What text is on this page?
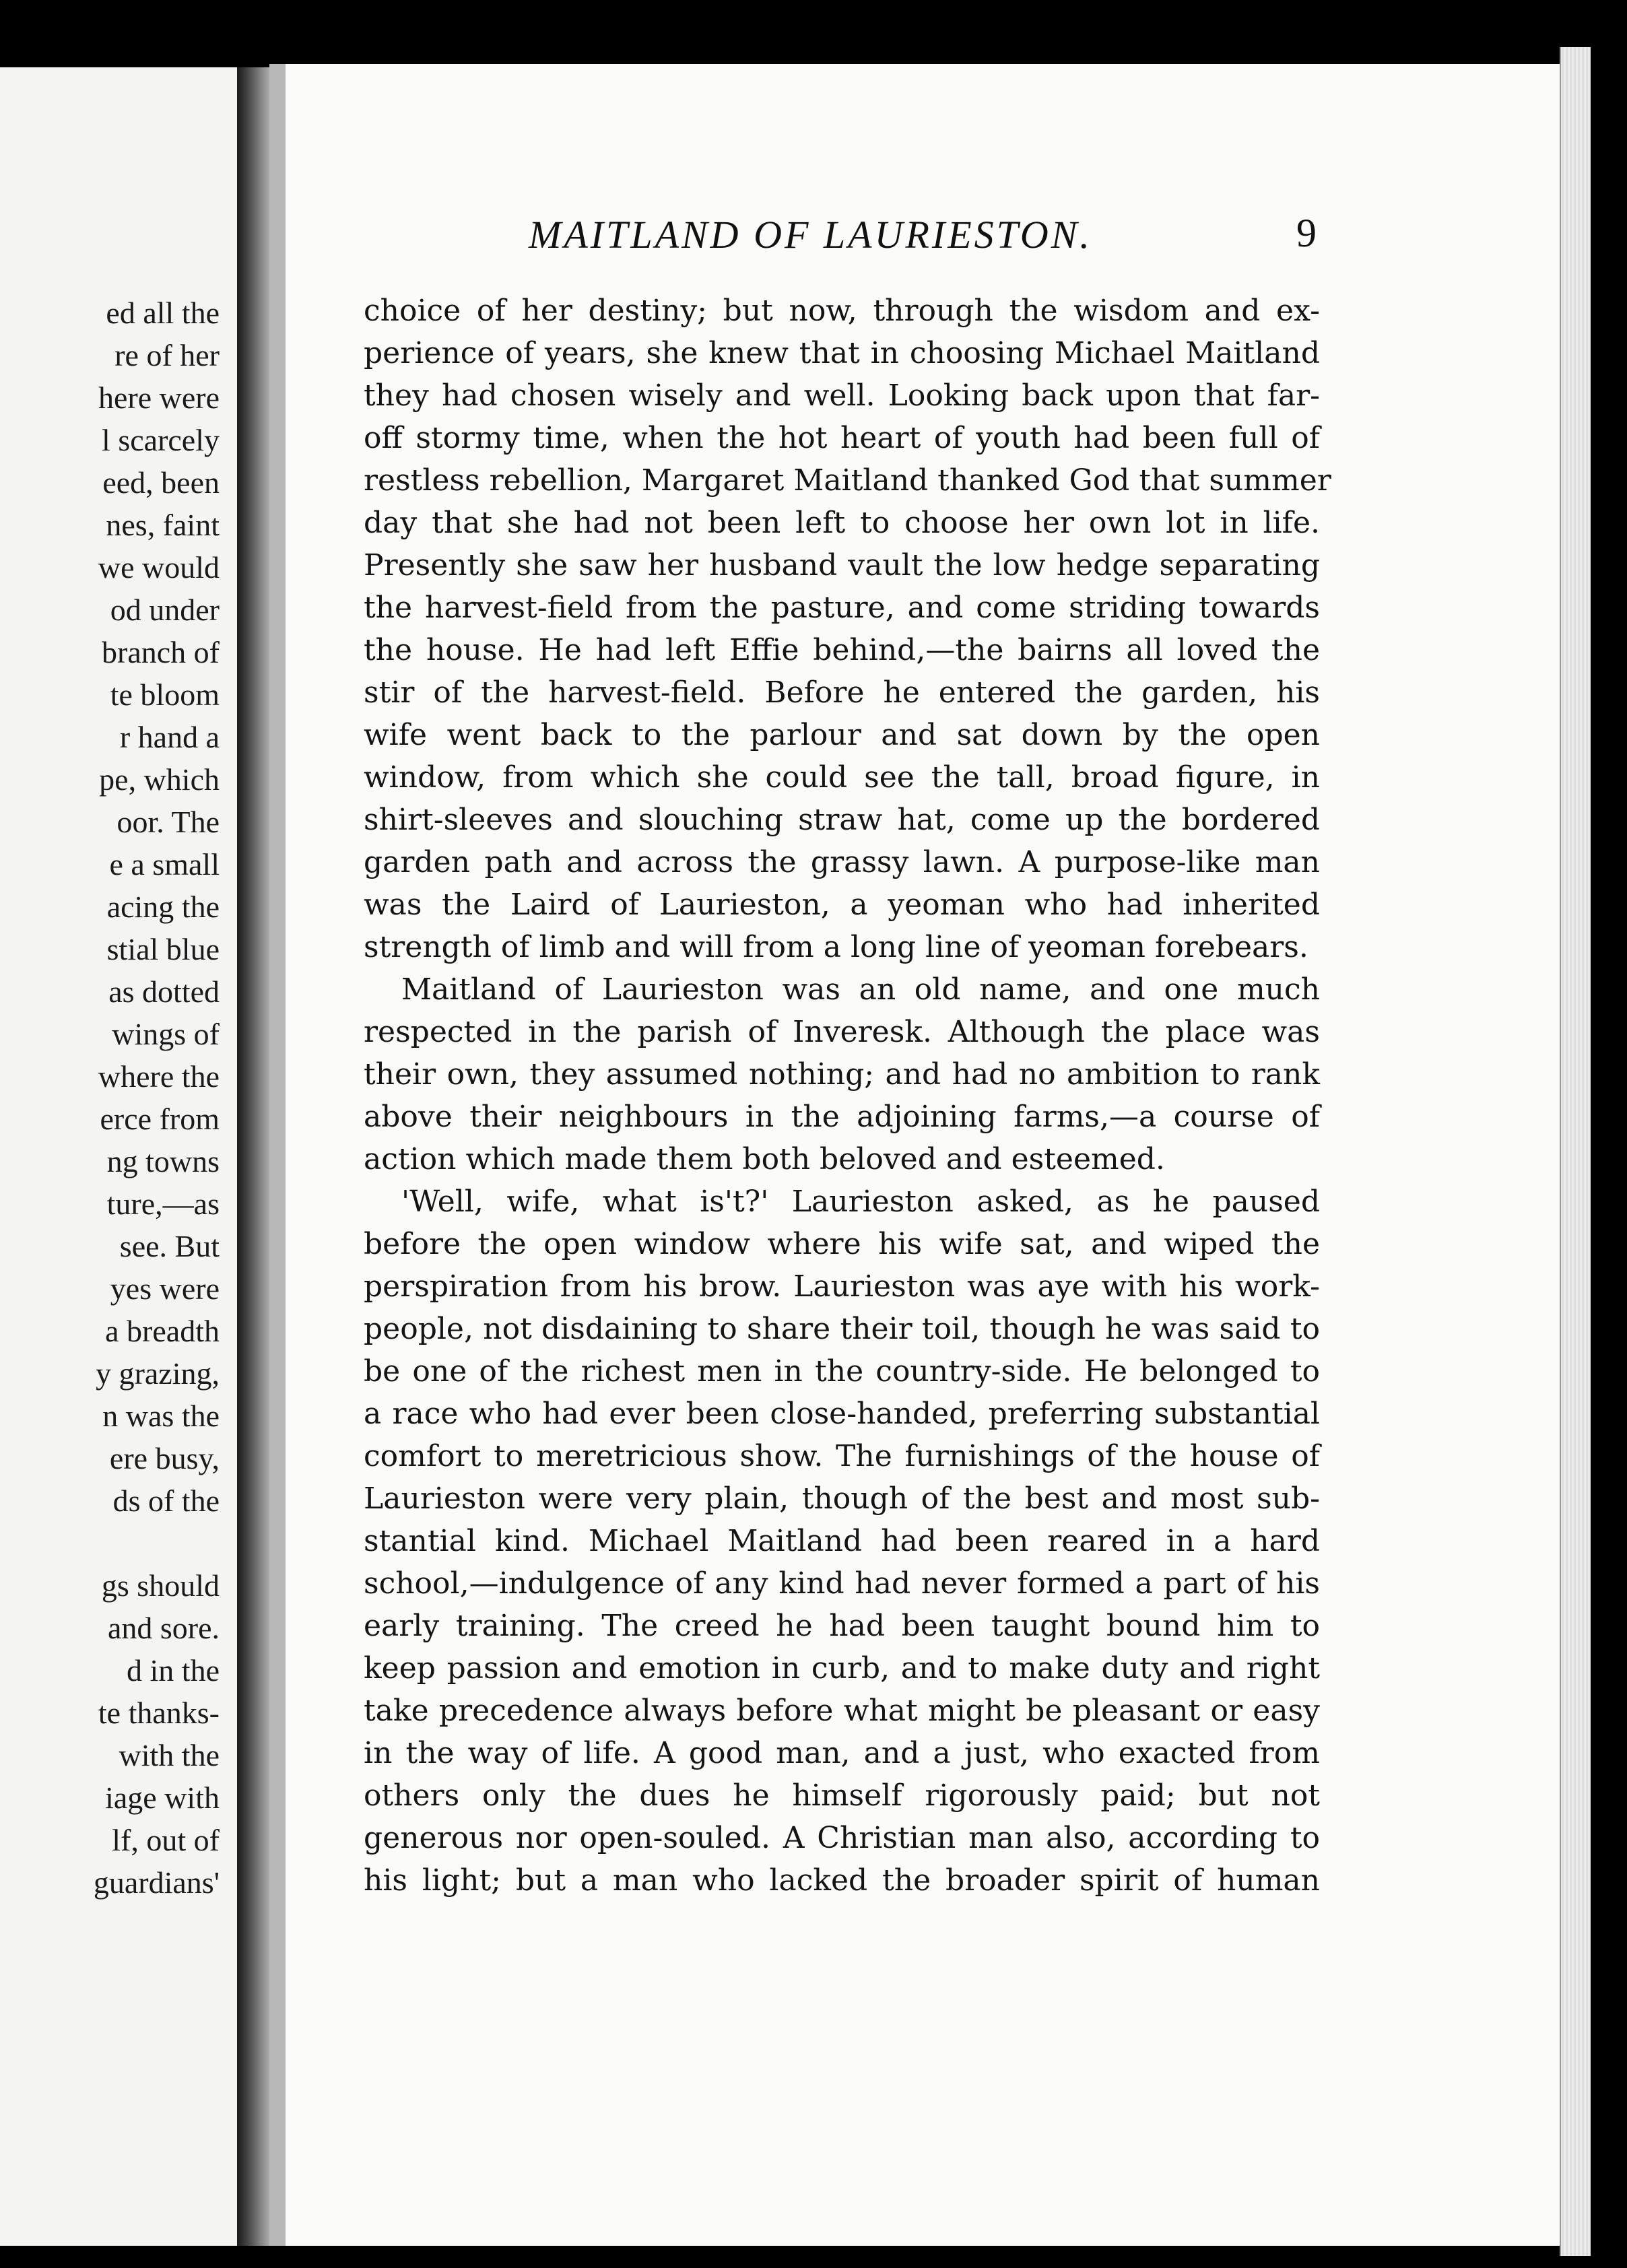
ed all the
re of her
here were
l scarcely
eed, been
nes, faint
we would
od under
branch of
te bloom
r hand a
pe, which
oor. The
e a small
acing the
stial blue
as dotted
wings of
where the
erce from
ng towns
ture,—as
see. But
yes were
a breadth
y grazing,
n was the
ere busy,
ds of the
gs should
and sore.
d in the
te thanks-
with the
iage with
lf, out of
guardians'
MAITLAND OF LAURIESTON.	9
choice of her destiny; but now, through the wisdom and ex-
perience of years, she knew that in choosing Michael Maitland
they had chosen wisely and well. Looking back upon that far-
off stormy time, when the hot heart of youth had been full of
restless rebellion, Margaret Maitland thanked God that summer
day that she had not been left to choose her own lot in life.
Presently she saw her husband vault the low hedge separating
the harvest-field from the pasture, and come striding towards
the house. He had left Effie behind,—the bairns all loved the
stir of the harvest-field. Before he entered the garden, his
wife went back to the parlour and sat down by the open
window, from which she could see the tall, broad figure, in
shirt-sleeves and slouching straw hat, come up the bordered
garden path and across the grassy lawn. A purpose-like man
was the Laird of Laurieston, a yeoman who had inherited
strength of limb and will from a long line of yeoman forebears.
Maitland of Laurieston was an old name, and one much
respected in the parish of Inveresk. Although the place was
their own, they assumed nothing; and had no ambition to rank
above their neighbours in the adjoining farms,—a course of
action which made them both beloved and esteemed.
'Well, wife, what is't?' Laurieston asked, as he paused
before the open window where his wife sat, and wiped the
perspiration from his brow. Laurieston was aye with his work-
people, not disdaining to share their toil, though he was said to
be one of the richest men in the country-side. He belonged to
a race who had ever been close-handed, preferring substantial
comfort to meretricious show. The furnishings of the house of
Laurieston were very plain, though of the best and most sub-
stantial kind. Michael Maitland had been reared in a hard
school,—indulgence of any kind had never formed a part of his
early training. The creed he had been taught bound him to
keep passion and emotion in curb, and to make duty and right
take precedence always before what might be pleasant or easy
in the way of life. A good man, and a just, who exacted from
others only the dues he himself rigorously paid; but not
generous nor open-souled. A Christian man also, according to
his light; but a man who lacked the broader spirit of human
